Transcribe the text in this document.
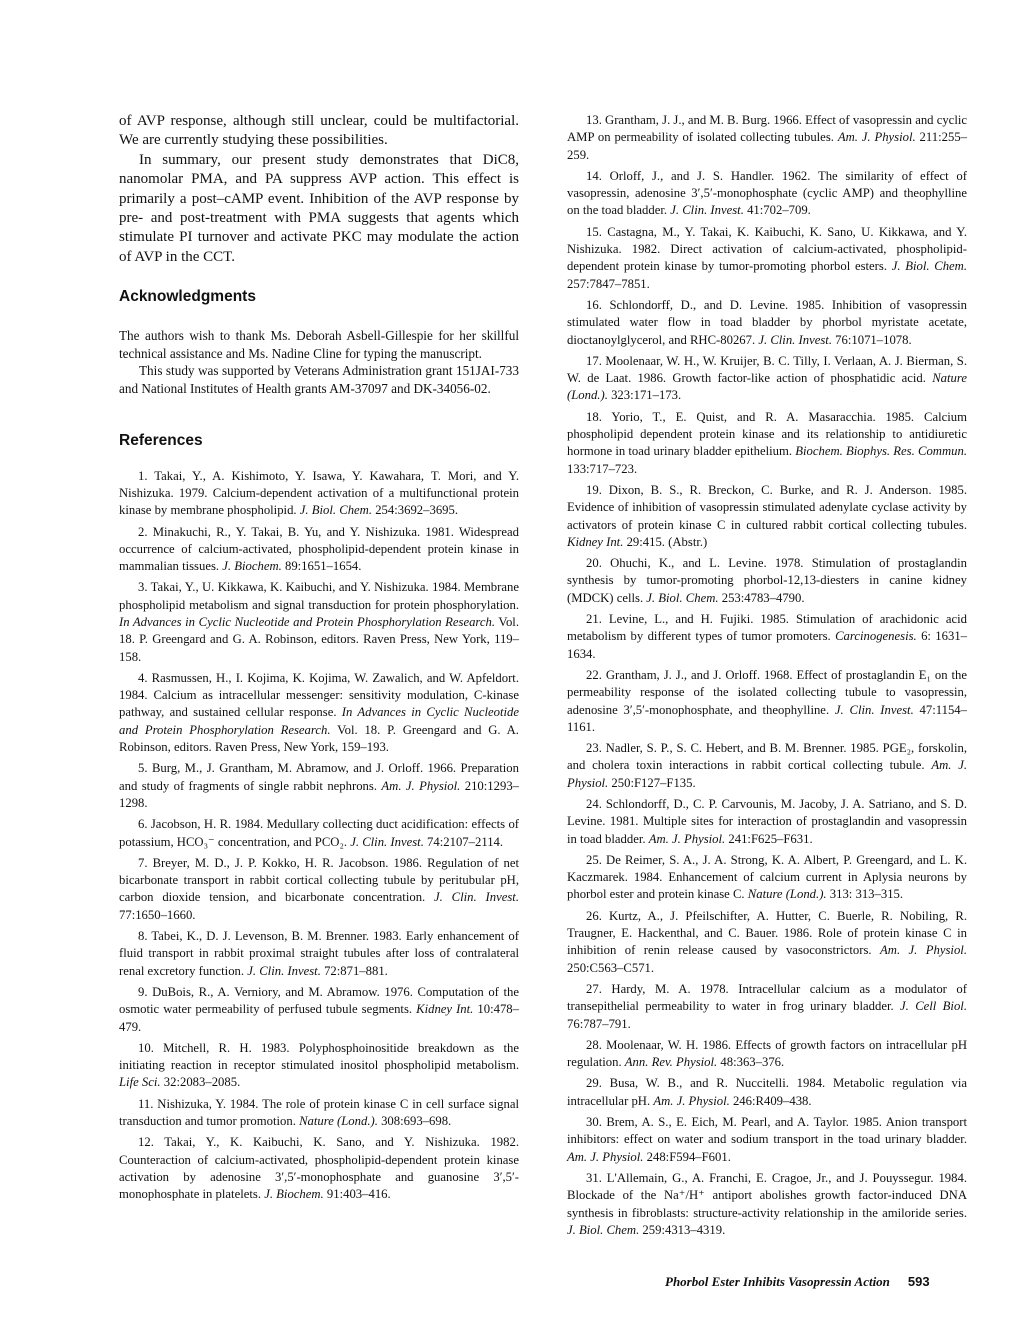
of AVP response, although still unclear, could be multifactorial. We are currently studying these possibilities.

In summary, our present study demonstrates that DiC8, nanomolar PMA, and PA suppress AVP action. This effect is primarily a post–cAMP event. Inhibition of the AVP response by pre- and post-treatment with PMA suggests that agents which stimulate PI turnover and activate PKC may modulate the action of AVP in the CCT.

Acknowledgments

The authors wish to thank Ms. Deborah Asbell-Gillespie for her skillful technical assistance and Ms. Nadine Cline for typing the manuscript.

This study was supported by Veterans Administration grant 151JAI-733 and National Institutes of Health grants AM-37097 and DK-34056-02.

References

1. Takai, Y., A. Kishimoto, Y. Isawa, Y. Kawahara, T. Mori, and Y. Nishizuka. 1979. Calcium-dependent activation of a multifunctional protein kinase by membrane phospholipid. J. Biol. Chem. 254:3692–3695.

2. Minakuchi, R., Y. Takai, B. Yu, and Y. Nishizuka. 1981. Widespread occurrence of calcium-activated, phospholipid-dependent protein kinase in mammalian tissues. J. Biochem. 89:1651–1654.

3. Takai, Y., U. Kikkawa, K. Kaibuchi, and Y. Nishizuka. 1984. Membrane phospholipid metabolism and signal transduction for protein phosphorylation. In Advances in Cyclic Nucleotide and Protein Phosphorylation Research. Vol. 18. P. Greengard and G. A. Robinson, editors. Raven Press, New York, 119–158.

4. Rasmussen, H., I. Kojima, K. Kojima, W. Zawalich, and W. Apfeldort. 1984. Calcium as intracellular messenger: sensitivity modulation, C-kinase pathway, and sustained cellular response. In Advances in Cyclic Nucleotide and Protein Phosphorylation Research. Vol. 18. P. Greengard and G. A. Robinson, editors. Raven Press, New York, 159–193.

5. Burg, M., J. Grantham, M. Abramow, and J. Orloff. 1966. Preparation and study of fragments of single rabbit nephrons. Am. J. Physiol. 210:1293–1298.

6. Jacobson, H. R. 1984. Medullary collecting duct acidification: effects of potassium, HCO₃⁻ concentration, and PCO₂. J. Clin. Invest. 74:2107–2114.

7. Breyer, M. D., J. P. Kokko, H. R. Jacobson. 1986. Regulation of net bicarbonate transport in rabbit cortical collecting tubule by peritubular pH, carbon dioxide tension, and bicarbonate concentration. J. Clin. Invest. 77:1650–1660.

8. Tabei, K., D. J. Levenson, B. M. Brenner. 1983. Early enhancement of fluid transport in rabbit proximal straight tubules after loss of contralateral renal excretory function. J. Clin. Invest. 72:871–881.

9. DuBois, R., A. Verniory, and M. Abramow. 1976. Computation of the osmotic water permeability of perfused tubule segments. Kidney Int. 10:478–479.

10. Mitchell, R. H. 1983. Polyphosphoinositide breakdown as the initiating reaction in receptor stimulated inositol phospholipid metabolism. Life Sci. 32:2083–2085.

11. Nishizuka, Y. 1984. The role of protein kinase C in cell surface signal transduction and tumor promotion. Nature (Lond.). 308:693–698.

12. Takai, Y., K. Kaibuchi, K. Sano, and Y. Nishizuka. 1982. Counteraction of calcium-activated, phospholipid-dependent protein kinase activation by adenosine 3′,5′-monophosphate and guanosine 3′,5′-monophosphate in platelets. J. Biochem. 91:403–416.

13. Grantham, J. J., and M. B. Burg. 1966. Effect of vasopressin and cyclic AMP on permeability of isolated collecting tubules. Am. J. Physiol. 211:255–259.

14. Orloff, J., and J. S. Handler. 1962. The similarity of effect of vasopressin, adenosine 3′,5′-monophosphate (cyclic AMP) and theophylline on the toad bladder. J. Clin. Invest. 41:702–709.

15. Castagna, M., Y. Takai, K. Kaibuchi, K. Sano, U. Kikkawa, and Y. Nishizuka. 1982. Direct activation of calcium-activated, phospholipid-dependent protein kinase by tumor-promoting phorbol esters. J. Biol. Chem. 257:7847–7851.

16. Schlondorff, D., and D. Levine. 1985. Inhibition of vasopressin stimulated water flow in toad bladder by phorbol myristate acetate, dioctanoylglycerol, and RHC-80267. J. Clin. Invest. 76:1071–1078.

17. Moolenaar, W. H., W. Kruijer, B. C. Tilly, I. Verlaan, A. J. Bierman, S. W. de Laat. 1986. Growth factor-like action of phosphatidic acid. Nature (Lond.). 323:171–173.

18. Yorio, T., E. Quist, and R. A. Masaracchia. 1985. Calcium phospholipid dependent protein kinase and its relationship to antidiuretic hormone in toad urinary bladder epithelium. Biochem. Biophys. Res. Commun. 133:717–723.

19. Dixon, B. S., R. Breckon, C. Burke, and R. J. Anderson. 1985. Evidence of inhibition of vasopressin stimulated adenylate cyclase activity by activators of protein kinase C in cultured rabbit cortical collecting tubules. Kidney Int. 29:415. (Abstr.)

20. Ohuchi, K., and L. Levine. 1978. Stimulation of prostaglandin synthesis by tumor-promoting phorbol-12,13-diesters in canine kidney (MDCK) cells. J. Biol. Chem. 253:4783–4790.

21. Levine, L., and H. Fujiki. 1985. Stimulation of arachidonic acid metabolism by different types of tumor promoters. Carcinogenesis. 6: 1631–1634.

22. Grantham, J. J., and J. Orloff. 1968. Effect of prostaglandin E₁ on the permeability response of the isolated collecting tubule to vasopressin, adenosine 3′,5′-monophosphate, and theophylline. J. Clin. Invest. 47:1154–1161.

23. Nadler, S. P., S. C. Hebert, and B. M. Brenner. 1985. PGE₂, forskolin, and cholera toxin interactions in rabbit cortical collecting tubule. Am. J. Physiol. 250:F127–F135.

24. Schlondorff, D., C. P. Carvounis, M. Jacoby, J. A. Satriano, and S. D. Levine. 1981. Multiple sites for interaction of prostaglandin and vasopressin in toad bladder. Am. J. Physiol. 241:F625–F631.

25. De Reimer, S. A., J. A. Strong, K. A. Albert, P. Greengard, and L. K. Kaczmarek. 1984. Enhancement of calcium current in Aplysia neurons by phorbol ester and protein kinase C. Nature (Lond.). 313: 313–315.

26. Kurtz, A., J. Pfeilschifter, A. Hutter, C. Buerle, R. Nobiling, R. Traugner, E. Hackenthal, and C. Bauer. 1986. Role of protein kinase C in inhibition of renin release caused by vasoconstrictors. Am. J. Physiol. 250:C563–C571.

27. Hardy, M. A. 1978. Intracellular calcium as a modulator of transepithelial permeability to water in frog urinary bladder. J. Cell Biol. 76:787–791.

28. Moolenaar, W. H. 1986. Effects of growth factors on intracellular pH regulation. Ann. Rev. Physiol. 48:363–376.

29. Busa, W. B., and R. Nuccitelli. 1984. Metabolic regulation via intracellular pH. Am. J. Physiol. 246:R409–438.

30. Brem, A. S., E. Eich, M. Pearl, and A. Taylor. 1985. Anion transport inhibitors: effect on water and sodium transport in the toad urinary bladder. Am. J. Physiol. 248:F594–F601.

31. L'Allemain, G., A. Franchi, E. Cragoe, Jr., and J. Pouyssegur. 1984. Blockade of the Na⁺/H⁺ antiport abolishes growth factor-induced DNA synthesis in fibroblasts: structure-activity relationship in the amiloride series. J. Biol. Chem. 259:4313–4319.

Phorbol Ester Inhibits Vasopressin Action 593
